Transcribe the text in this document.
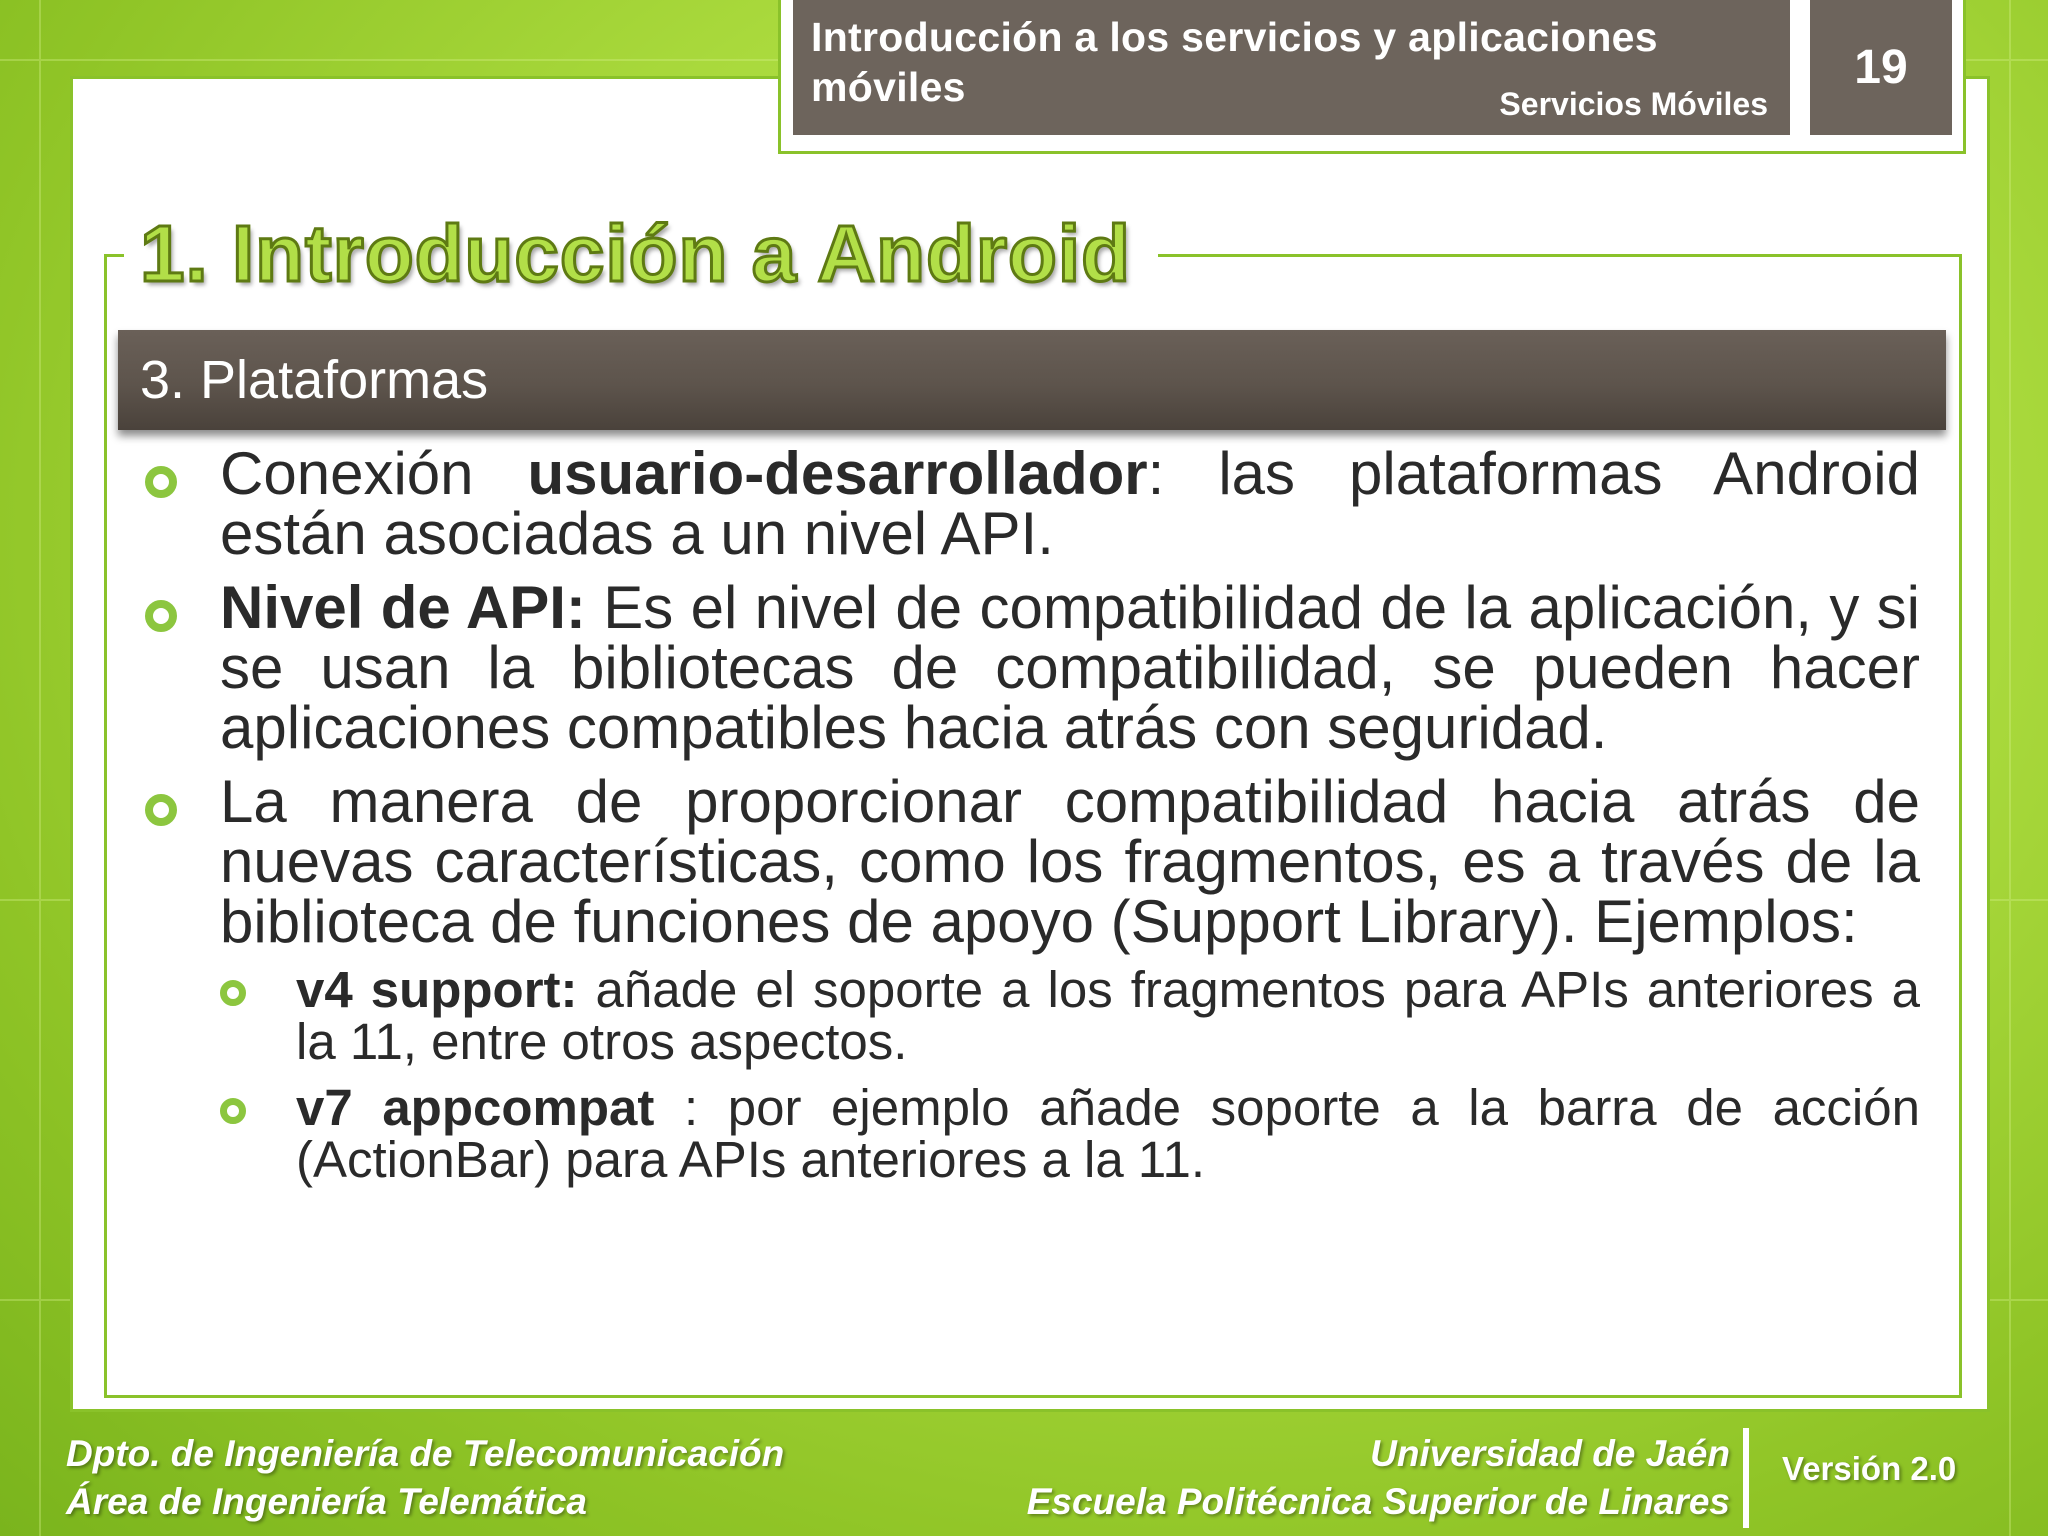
Introducción a los servicios y aplicaciones móviles	Servicios Móviles
19
1. Introducción a Android
3. Plataformas
Conexión usuario-desarrollador: las plataformas Android están asociadas a un nivel API.
Nivel de API: Es el nivel de compatibilidad de la aplicación, y si se usan la bibliotecas de compatibilidad, se pueden hacer aplicaciones compatibles hacia atrás con seguridad.
La manera de proporcionar compatibilidad hacia atrás de nuevas características, como los fragmentos, es a través de la biblioteca de funciones de apoyo (Support Library). Ejemplos:
v4 support: añade el soporte a los fragmentos para APIs anteriores a la 11, entre otros aspectos.
v7 appcompat : por ejemplo añade soporte a la barra de acción (ActionBar) para APIs anteriores a la 11.
Dpto. de Ingeniería de Telecomunicación
Área de Ingeniería Telemática
Universidad de Jaén
Escuela Politécnica Superior de Linares
Versión 2.0
